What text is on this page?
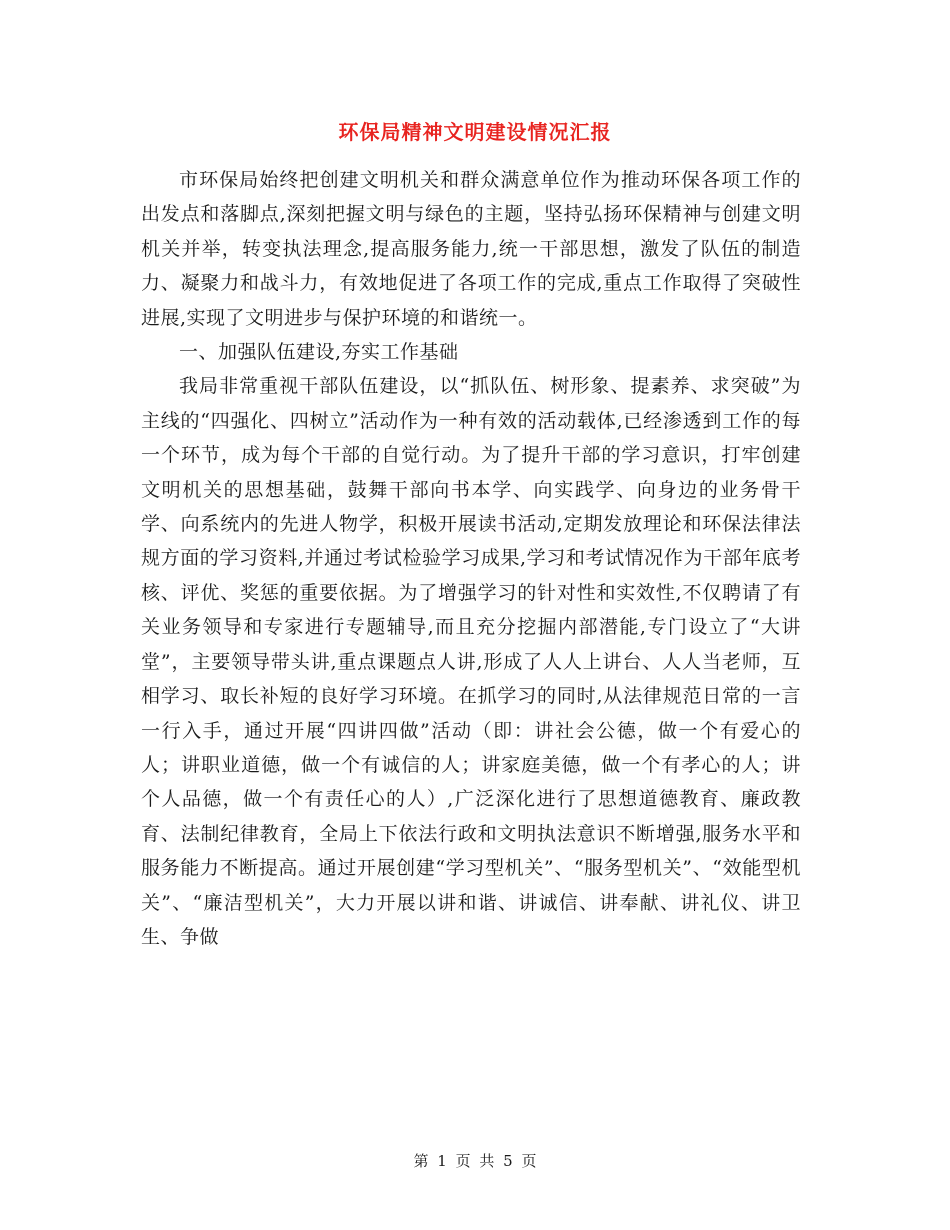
环保局精神文明建设情况汇报

市环保局始终把创建文明机关和群众满意单位作为推动环保各项工作的出发点和落脚点,深刻把握文明与绿色的主题，坚持弘扬环保精神与创建文明机关并举，转变执法理念,提高服务能力,统一干部思想，激发了队伍的制造力、凝聚力和战斗力，有效地促进了各项工作的完成,重点工作取得了突破性进展,实现了文明进步与保护环境的和谐统一。

一、加强队伍建设,夯实工作基础

我局非常重视干部队伍建设，以“抓队伍、树形象、提素养、求突破”为主线的“四强化、四树立”活动作为一种有效的活动载体,已经渗透到工作的每一个环节，成为每个干部的自觉行动。为了提升干部的学习意识，打牢创建文明机关的思想基础，鼓舞干部向书本学、向实践学、向身边的业务骨干学、向系统内的先进人物学，积极开展读书活动,定期发放理论和环保法律法规方面的学习资料,并通过考试检验学习成果,学习和考试情况作为干部年底考核、评优、奖惩的重要依据。为了增强学习的针对性和实效性,不仅聘请了有关业务领导和专家进行专题辅导,而且充分挖掘内部潜能,专门设立了“大讲堂”，主要领导带头讲,重点课题点人讲,形成了人人上讲台、人人当老师，互相学习、取长补短的良好学习环境。在抓学习的同时,从法律规范日常的一言一行入手，通过开展“四讲四做”活动（即：讲社会公德，做一个有爱心的人；讲职业道德，做一个有诚信的人；讲家庭美德，做一个有孝心的人；讲个人品德，做一个有责任心的人）,广泛深化进行了思想道德教育、廉政教育、法制纪律教育，全局上下依法行政和文明执法意识不断增强,服务水平和服务能力不断提高。通过开展创建“学习型机关”、“服务型机关”、“效能型机关”、“廉洁型机关”，大力开展以讲和谐、讲诚信、讲奉献、讲礼仪、讲卫生、争做

第 1 页 共 5 页
